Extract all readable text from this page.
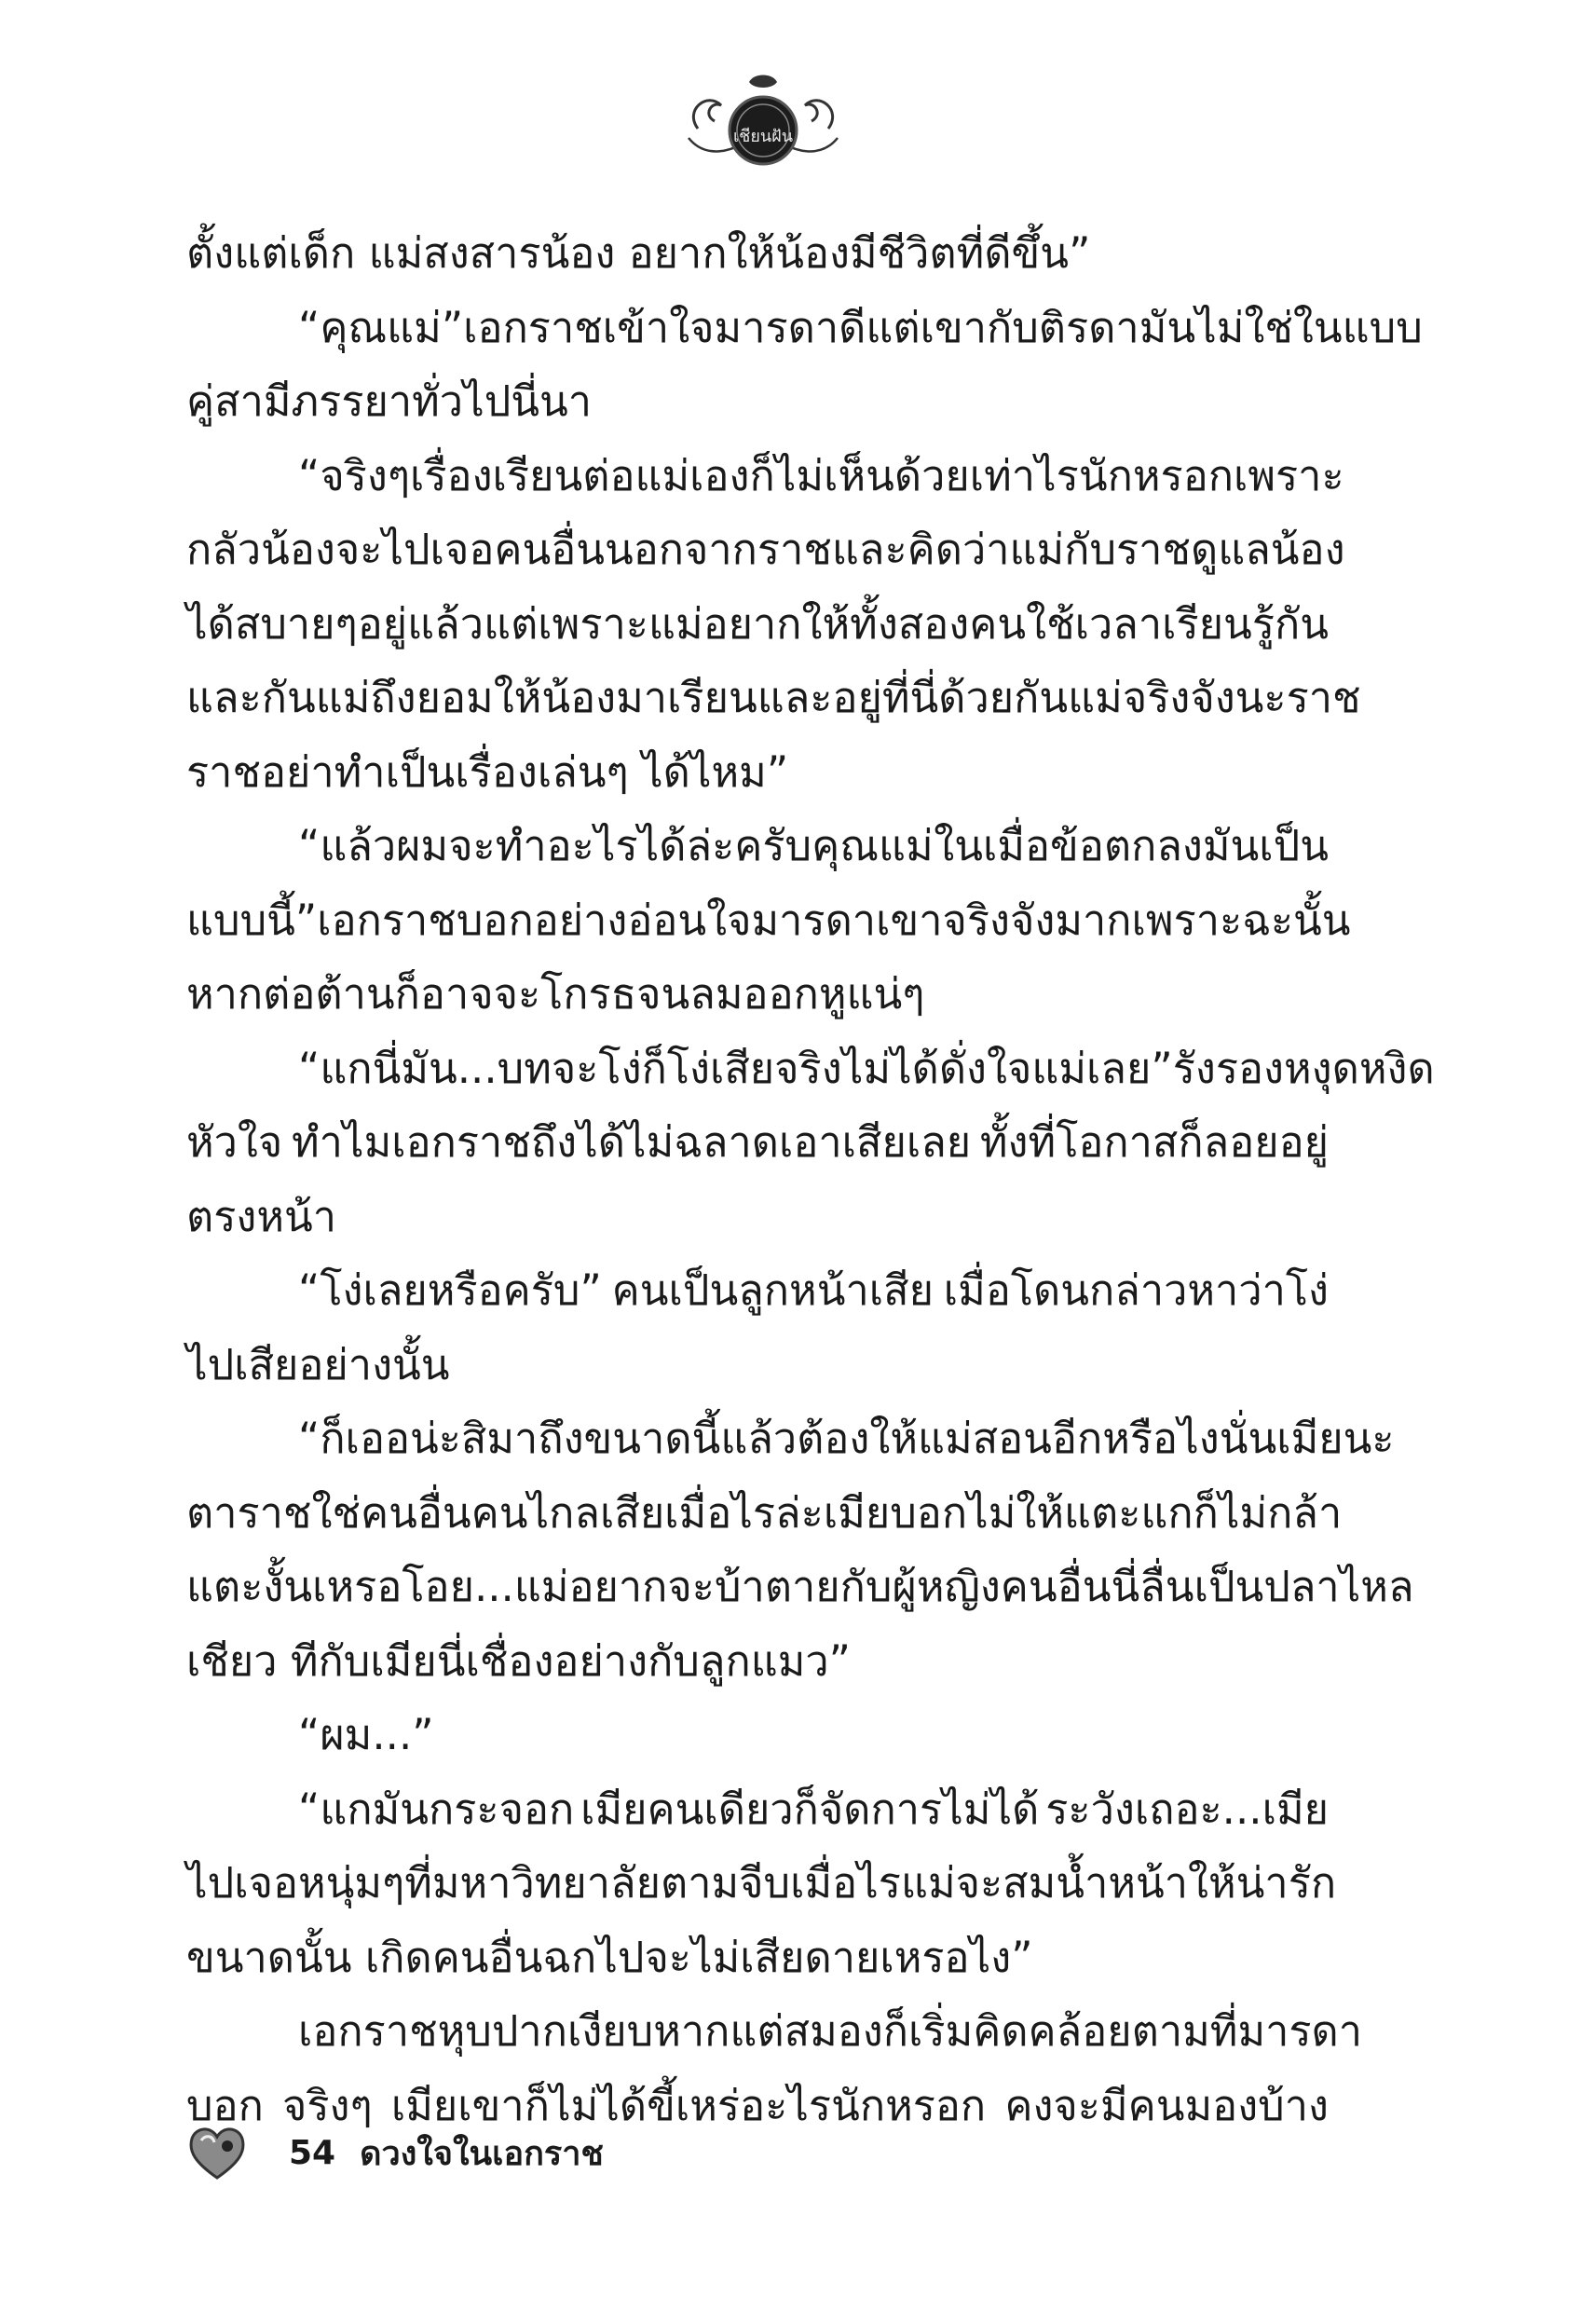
เชียนฝัน
ตั้งแต่เด็ก แม่สงสารน้อง อยากให้น้องมีชีวิตที่ดีขึ้น”
“คุณแม่” เอกราชเข้าใจมารดาดี แต่เขากับติรดามันไม่ใช่ในแบบ
คู่สามีภรรยาทั่วไปนี่นา
“จริงๆ เรื่องเรียนต่อ แม่เองก็ไม่เห็นด้วยเท่าไรนักหรอก เพราะ
กลัวน้องจะไปเจอคนอื่นนอกจากราช และคิดว่าแม่กับราชดูแลน้อง
ได้สบายๆ อยู่แล้ว แต่เพราะแม่อยากให้ทั้งสองคนใช้เวลาเรียนรู้กัน
และกัน แม่ถึงยอมให้น้องมาเรียนและอยู่ที่นี่ด้วยกัน แม่จริงจังนะราช
ราชอย่าทำเป็นเรื่องเล่นๆ ได้ไหม”
“แล้วผมจะทำอะไรได้ล่ะครับคุณแม่ ในเมื่อข้อตกลงมันเป็น
แบบนี้” เอกราชบอกอย่างอ่อนใจ มารดาเขาจริงจังมาก เพราะฉะนั้น
หากต่อต้านก็อาจจะโกรธจนลมออกหูแน่ๆ
“แกนี่มัน...บทจะโง่ก็โง่เสียจริง ไม่ได้ดั่งใจแม่เลย” รังรองหงุดหงิด
หัวใจ ทำไมเอกราชถึงได้ไม่ฉลาดเอาเสียเลย ทั้งที่โอกาสก็ลอยอยู่
ตรงหน้า
“โง่เลยหรือครับ” คนเป็นลูกหน้าเสีย เมื่อโดนกล่าวหาว่าโง่
ไปเสียอย่างนั้น
“ก็เออน่ะสิ มาถึงขนาดนี้แล้วต้องให้แม่สอนอีกหรือไง นั่นเมียนะ
ตาราช ใช่คนอื่นคนไกลเสียเมื่อไรล่ะ เมียบอกไม่ให้แตะ แกก็ไม่กล้า
แตะงั้นเหรอ โอย...แม่อยากจะบ้าตาย กับผู้หญิงคนอื่นนี่ลื่นเป็นปลาไหล
เชียว ทีกับเมียนี่เชื่องอย่างกับลูกแมว”
“ผม...”
“แกมันกระจอก เมียคนเดียวก็จัดการไม่ได้ ระวังเถอะ...เมีย
ไปเจอหนุ่มๆ ที่มหาวิทยาลัยตามจีบเมื่อไร แม่จะสมน้ำหน้าให้ น่ารัก
ขนาดนั้น เกิดคนอื่นฉกไปจะไม่เสียดายเหรอไง”
เอกราชหุบปากเงียบ หากแต่สมองก็เริ่มคิดคล้อยตามที่มารดา
บอก จริงๆ เมียเขาก็ไม่ได้ขี้เหร่อะไรนักหรอก คงจะมีคนมองบ้าง
54 ดวงใจในเอกราช
